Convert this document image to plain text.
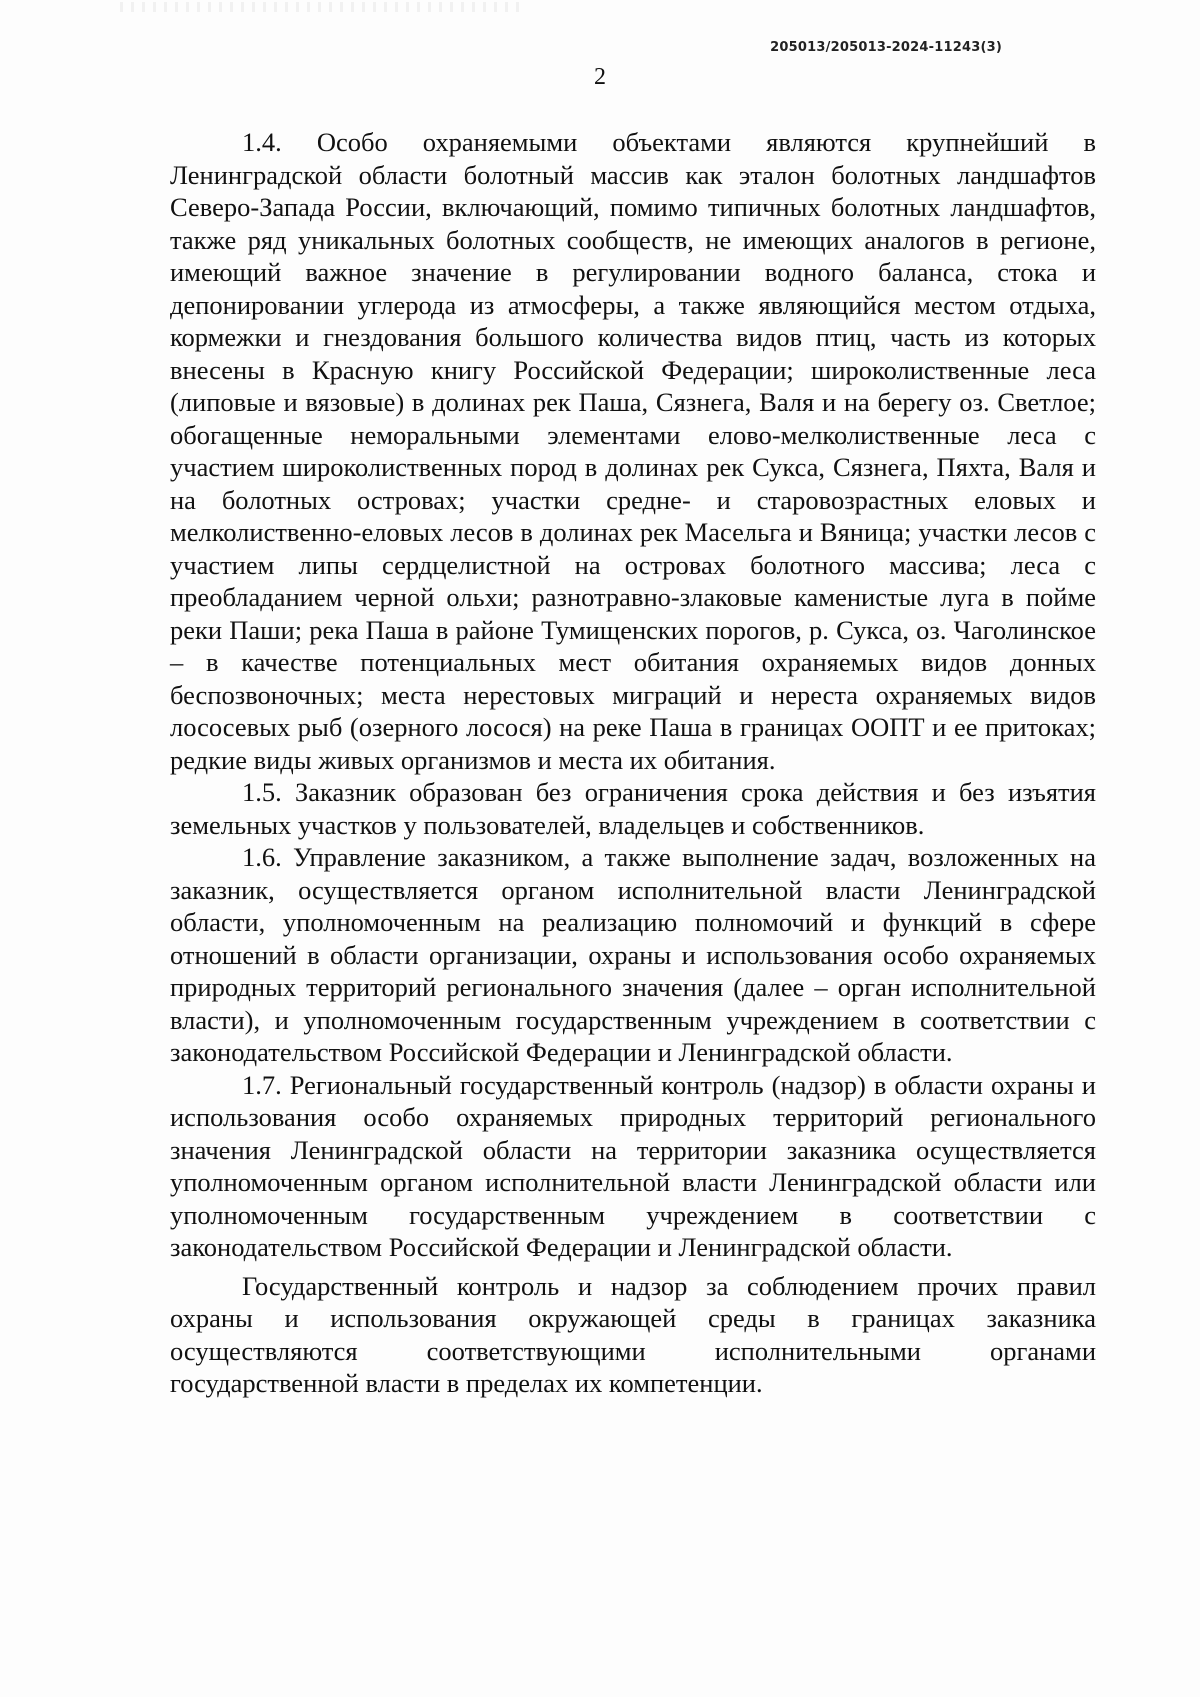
205013/205013-2024-11243(3)
2

1.4. Особо охраняемыми объектами являются крупнейший в Ленинградской области болотный массив как эталон болотных ландшафтов Северо-Запада России, включающий, помимо типичных болотных ландшафтов, также ряд уникальных болотных сообществ, не имеющих аналогов в регионе, имеющий важное значение в регулировании водного баланса, стока и депонировании углерода из атмосферы, а также являющийся местом отдыха, кормежки и гнездования большого количества видов птиц, часть из которых внесены в Красную книгу Российской Федерации; широколиственные леса (липовые и вязовые) в долинах рек Паша, Сязнега, Валя и на берегу оз. Светлое; обогащенные неморальными элементами елово-мелколиственные леса с участием широколиственных пород в долинах рек Сукса, Сязнега, Пяхта, Валя и на болотных островах; участки средне- и старовозрастных еловых и мелколиственно-еловых лесов в долинах рек Масельга и Вяница; участки лесов с участием липы сердцелистной на островах болотного массива; леса с преобладанием черной ольхи; разнотравно-злаковые каменистые луга в пойме реки Паши; река Паша в районе Тумищенских порогов, р. Сукса, оз. Чаголинское – в качестве потенциальных мест обитания охраняемых видов донных беспозвоночных; места нерестовых миграций и нереста охраняемых видов лососевых рыб (озерного лосося) на реке Паша в границах ООПТ и ее притоках; редкие виды живых организмов и места их обитания.

1.5. Заказник образован без ограничения срока действия и без изъятия земельных участков у пользователей, владельцев и собственников.

1.6. Управление заказником, а также выполнение задач, возложенных на заказник, осуществляется органом исполнительной власти Ленинградской области, уполномоченным на реализацию полномочий и функций в сфере отношений в области организации, охраны и использования особо охраняемых природных территорий регионального значения (далее – орган исполнительной власти), и уполномоченным государственным учреждением в соответствии с законодательством Российской Федерации и Ленинградской области.

1.7. Региональный государственный контроль (надзор) в области охраны и использования особо охраняемых природных территорий регионального значения Ленинградской области на территории заказника осуществляется уполномоченным органом исполнительной власти Ленинградской области или уполномоченным государственным учреждением в соответствии с законодательством Российской Федерации и Ленинградской области.

Государственный контроль и надзор за соблюдением прочих правил охраны и использования окружающей среды в границах заказника осуществляются соответствующими исполнительными органами государственной власти в пределах их компетенции.
